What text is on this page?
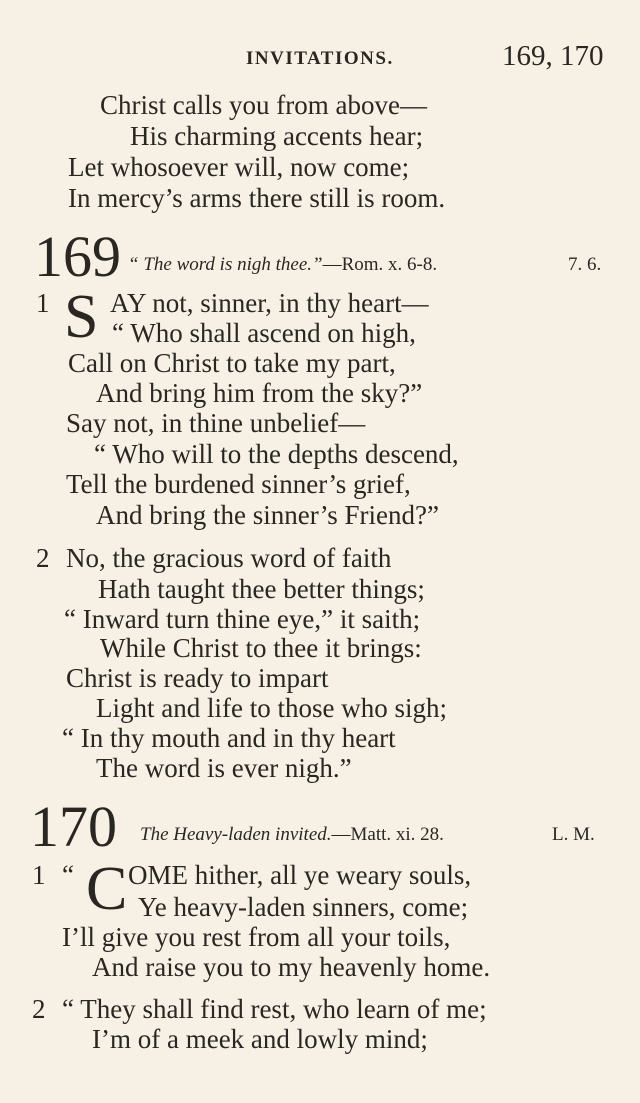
INVITATIONS.	169, 170
Christ calls you from above—
His charming accents hear;
Let whosoever will, now come;
In mercy’s arms there still is room.
169 “ The word is nigh thee.”—Rom. x. 6-8.	7. 6.
1 S AY not, sinner, in thy heart—
“ Who shall ascend on high,
Call on Christ to take my part,
And bring him from the sky?”
Say not, in thine unbelief—
“ Who will to the depths descend,
Tell the burdened sinner’s grief,
And bring the sinner’s Friend?”
2 No, the gracious word of faith
Hath taught thee better things;
“ Inward turn thine eye,” it saith;
While Christ to thee it brings:
Christ is ready to impart
Light and life to those who sigh;
“ In thy mouth and in thy heart
The word is ever nigh.”
170 The Heavy-laden invited.—Matt. xi. 28.	L. M.
1 “ C OME hither, all ye weary souls,
Ye heavy-laden sinners, come;
I’ll give you rest from all your toils,
And raise you to my heavenly home.
2 “ They shall find rest, who learn of me;
I’m of a meek and lowly mind;
